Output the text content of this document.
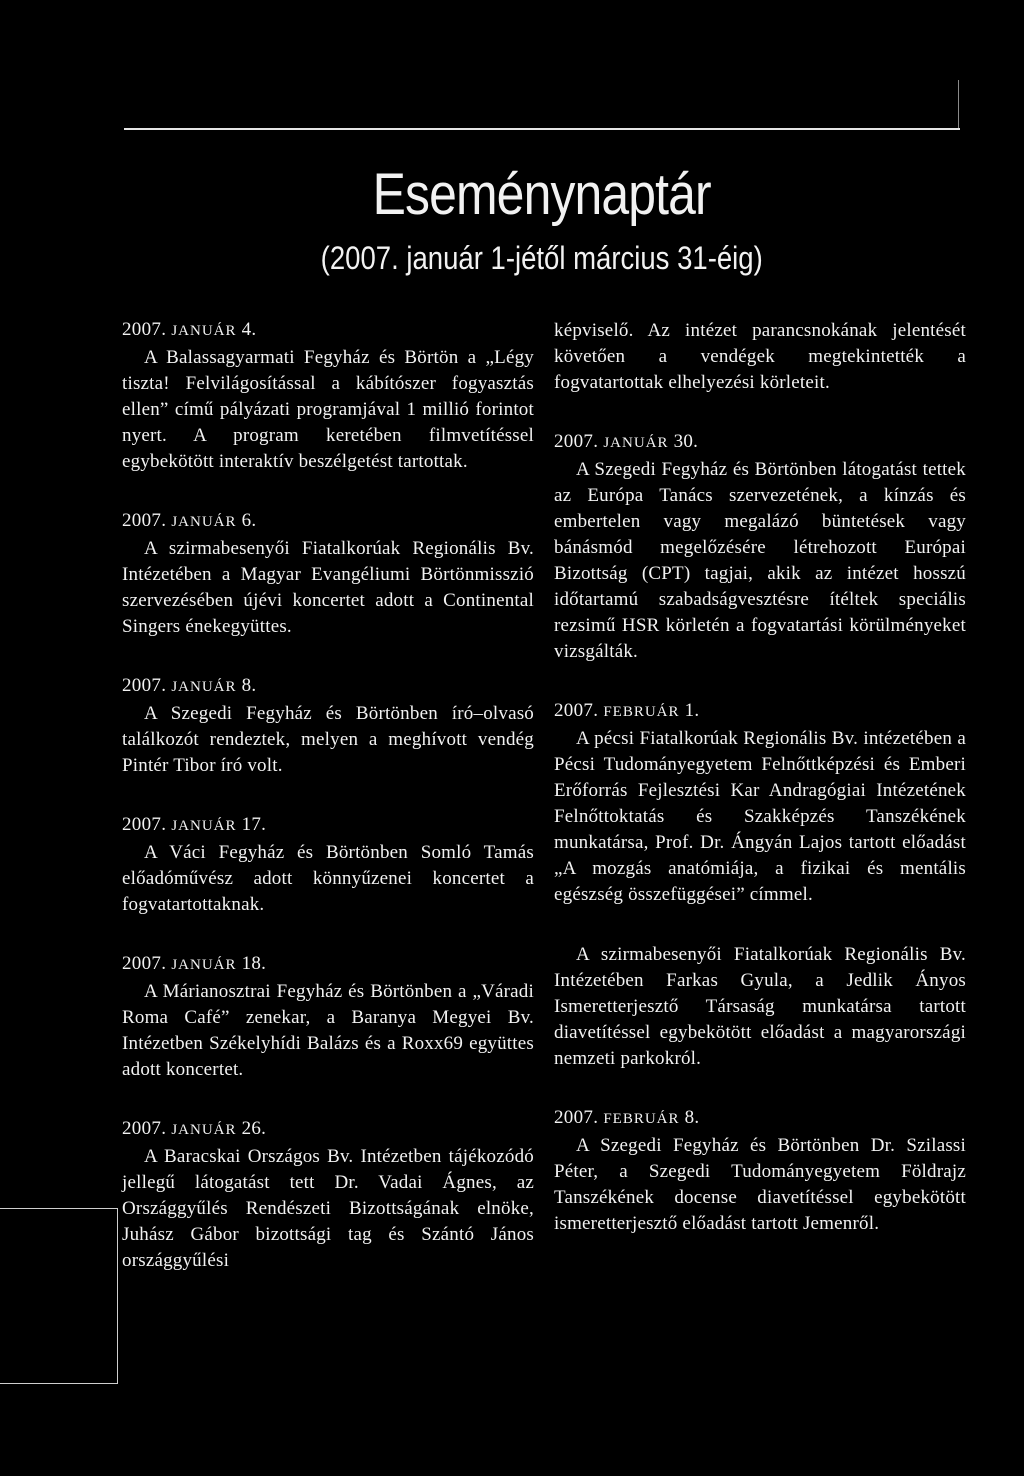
Eseménynaptár
(2007. január 1-jétől március 31-éig)

2007. JANUÁR 4.

A Balassagyarmati Fegyház és Börtön a „Légy tiszta! Felvilágosítással a kábítószer fogyasztás ellen” című pályázati programjával 1 millió forintot nyert. A program keretében filmvetítéssel egybekötött interaktív beszélgetést tartottak.

2007. JANUÁR 6.

A szirmabesenyői Fiatalkorúak Regionális Bv. Intézetében a Magyar Evangéliumi Börtönmisszió szervezésében újévi koncertet adott a Continental Singers énekegyüttes.

2007. JANUÁR 8.

A Szegedi Fegyház és Börtönben író–olvasó találkozót rendeztek, melyen a meghívott vendég Pintér Tibor író volt.

2007. JANUÁR 17.

A Váci Fegyház és Börtönben Somló Tamás előadóművész adott könnyűzenei koncertet a fogvatartottaknak.

2007. JANUÁR 18.

A Márianosztrai Fegyház és Börtönben a „Váradi Roma Café” zenekar, a Baranya Megyei Bv. Intézetben Székelyhídi Balázs és a Roxx69 együttes adott koncertet.

2007. JANUÁR 26.

A Baracskai Országos Bv. Intézetben tájékozódó jellegű látogatást tett Dr. Vadai Ágnes, az Országgyűlés Rendészeti Bizottságának elnöke, Juhász Gábor bizottsági tag és Szántó János országgyűlési

képviselő. Az intézet parancsnokának jelentését követően a vendégek megtekintették a fogvatartottak elhelyezési körleteit.

2007. JANUÁR 30.

A Szegedi Fegyház és Börtönben látogatást tettek az Európa Tanács szervezetének, a kínzás és embertelen vagy megalázó büntetések vagy bánásmód megelőzésére létrehozott Európai Bizottság (CPT) tagjai, akik az intézet hosszú időtartamú szabadságvesztésre ítéltek speciális rezsimű HSR körletén a fogvatartási körülményeket vizsgálták.

2007. FEBRUÁR 1.

A pécsi Fiatalkorúak Regionális Bv. intézetében a Pécsi Tudományegyetem Felnőttképzési és Emberi Erőforrás Fejlesztési Kar Andragógiai Intézetének Felnőttoktatás és Szakképzés Tanszékének munkatársa, Prof. Dr. Ángyán Lajos tartott előadást „A mozgás anatómiája, a fizikai és mentális egészség összefüggései” címmel.

A szirmabesenyői Fiatalkorúak Regionális Bv. Intézetében Farkas Gyula, a Jedlik Ányos Ismeretterjesztő Társaság munkatársa tartott diavetítéssel egybekötött előadást a magyarországi nemzeti parkokról.

2007. FEBRUÁR 8.

A Szegedi Fegyház és Börtönben Dr. Szilassi Péter, a Szegedi Tudományegyetem Földrajz Tanszékének docense diavetítéssel egybekötött ismeretterjesztő előadást tartott Jemenről.
